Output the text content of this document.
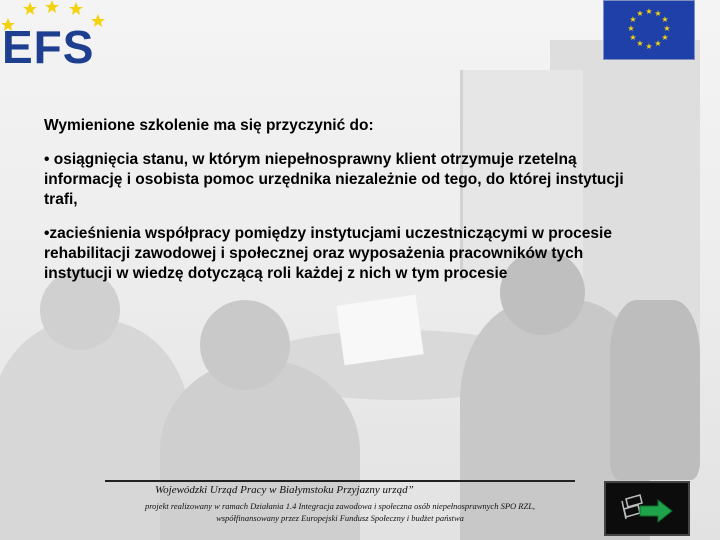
EFS
★ ★
★
★
★
★
★
★
★
★
★
★

Wymienione szkolenie ma się przyczynić do:

• osiągnięcia stanu, w którym niepełnosprawny klient otrzymuje rzetelną informację i osobista pomoc urzędnika niezależnie od tego, do której instytucji trafi,

•zacieśnienia współpracy pomiędzy instytucjami uczestniczącymi w procesie rehabilitacji zawodowej i społecznej oraz wyposażenia pracowników tych instytucji w wiedzę dotyczącą roli każdej z nich w tym procesie

Wojewódzki Urząd Pracy w Białymstoku Przyjazny urząd”
projekt realizowany w ramach Działania 1.4 Integracja zawodowa i społeczna osób niepełnosprawnych SPO RZL,
współfinansowany przez Europejski Fundusz Społeczny i budżet państwa
